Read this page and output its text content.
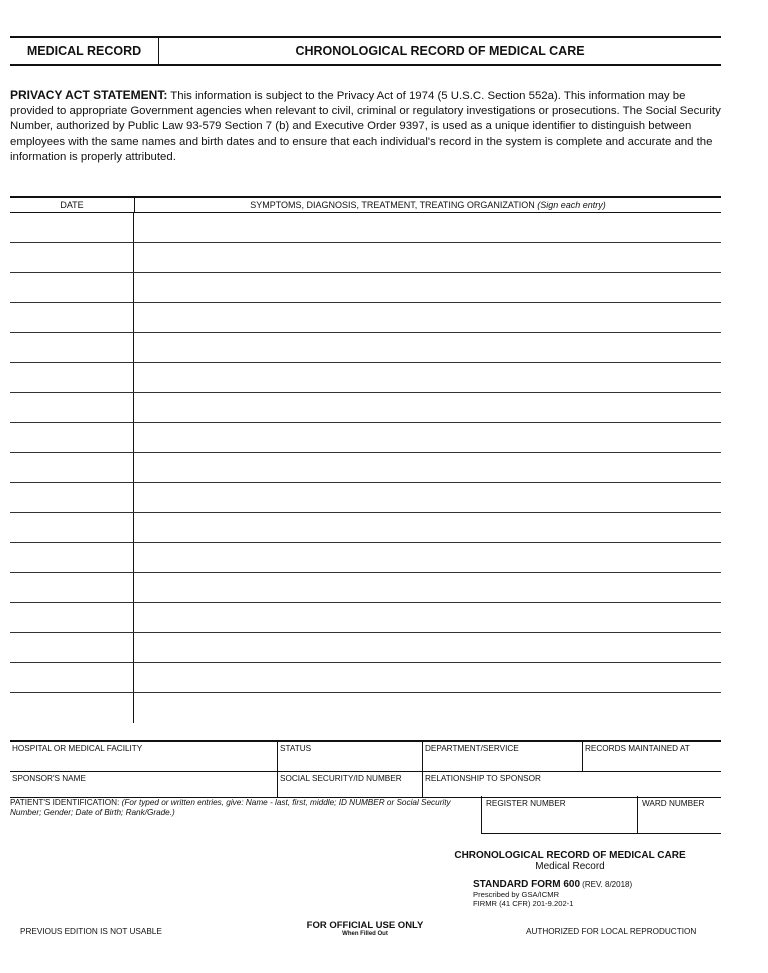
MEDICAL RECORD	CHRONOLOGICAL RECORD OF MEDICAL CARE
PRIVACY ACT STATEMENT: This information is subject to the Privacy Act of 1974 (5 U.S.C. Section 552a). This information may be provided to appropriate Government agencies when relevant to civil, criminal or regulatory investigations or prosecutions. The Social Security Number, authorized by Public Law 93-579 Section 7 (b) and Executive Order 9397, is used as a unique identifier to distinguish between employees with the same names and birth dates and to ensure that each individual's record in the system is complete and accurate and the information is properly attributed.
DATE	SYMPTOMS, DIAGNOSIS, TREATMENT, TREATING ORGANIZATION (Sign each entry)
HOSPITAL OR MEDICAL FACILITY	STATUS	DEPARTMENT/SERVICE	RECORDS MAINTAINED AT
SPONSOR'S NAME	SOCIAL SECURITY/ID NUMBER	RELATIONSHIP TO SPONSOR
PATIENT'S IDENTIFICATION: (For typed or written entries, give: Name - last, first, middle; ID NUMBER or Social Security Number; Gender; Date of Birth; Rank/Grade.)
REGISTER NUMBER	WARD NUMBER
CHRONOLOGICAL RECORD OF MEDICAL CARE
Medical Record
STANDARD FORM 600 (REV. 8/2018)
Prescribed by GSA/ICMR
FIRMR (41 CFR) 201-9.202-1
PREVIOUS EDITION IS NOT USABLE
FOR OFFICIAL USE ONLY
When Filled Out	AUTHORIZED FOR LOCAL REPRODUCTION
